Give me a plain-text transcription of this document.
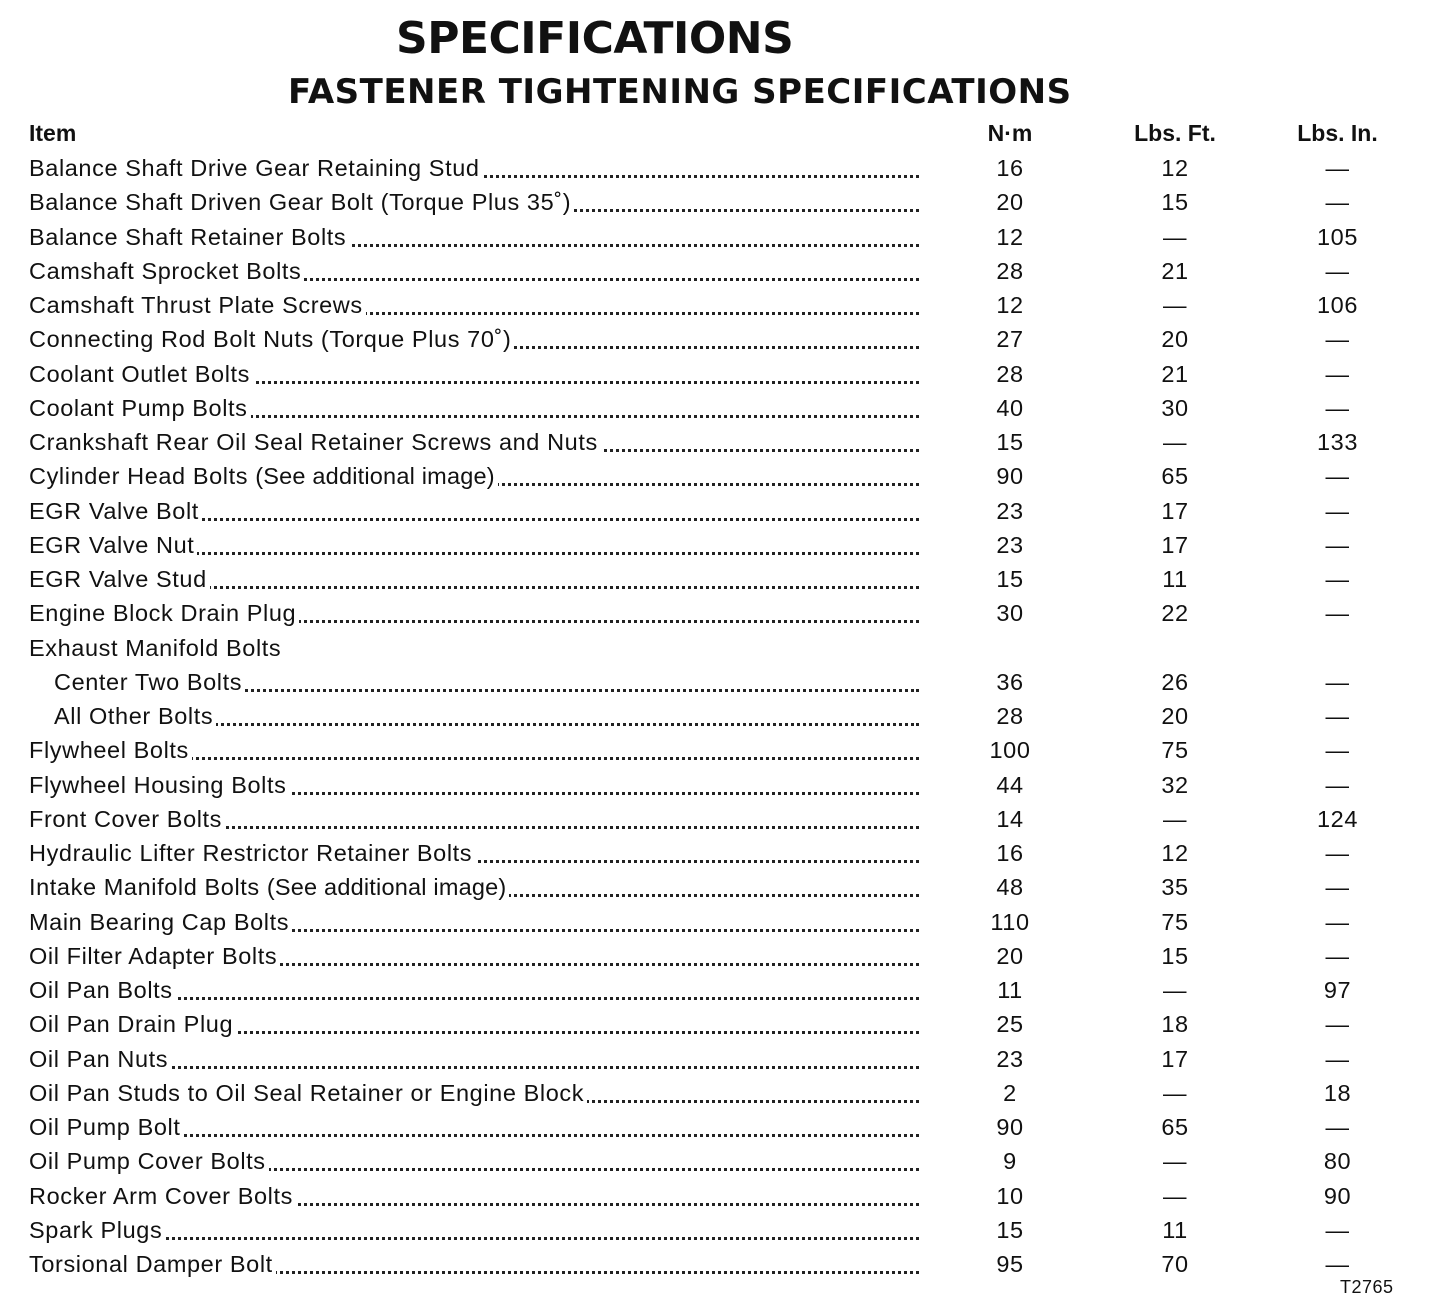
SPECIFICATIONS
FASTENER TIGHTENING SPECIFICATIONS
Item	N·m	Lbs. Ft.	Lbs. In.
Balance Shaft Drive Gear Retaining Stud	16	12	—
Balance Shaft Driven Gear Bolt (Torque Plus 35˚)	20	15	—
Balance Shaft Retainer Bolts	12	—	105
Camshaft Sprocket Bolts	28	21	—
Camshaft Thrust Plate Screws	12	—	106
Connecting Rod Bolt Nuts (Torque Plus 70˚)	27	20	—
Coolant Outlet Bolts	28	21	—
Coolant Pump Bolts	40	30	—
Crankshaft Rear Oil Seal Retainer Screws and Nuts	15	—	133
Cylinder Head Bolts (See additional image)	90	65	—
EGR Valve Bolt	23	17	—
EGR Valve Nut	23	17	—
EGR Valve Stud	15	11	—
Engine Block Drain Plug	30	22	—
Exhaust Manifold Bolts
Center Two Bolts	36	26	—
All Other Bolts	28	20	—
Flywheel Bolts	100	75	—
Flywheel Housing Bolts	44	32	—
Front Cover Bolts	14	—	124
Hydraulic Lifter Restrictor Retainer Bolts	16	12	—
Intake Manifold Bolts (See additional image)	48	35	—
Main Bearing Cap Bolts	110	75	—
Oil Filter Adapter Bolts	20	15	—
Oil Pan Bolts	11	—	97
Oil Pan Drain Plug	25	18	—
Oil Pan Nuts	23	17	—
Oil Pan Studs to Oil Seal Retainer or Engine Block	2	—	18
Oil Pump Bolt	90	65	—
Oil Pump Cover Bolts	9	—	80
Rocker Arm Cover Bolts	10	—	90
Spark Plugs	15	11	—
Torsional Damper Bolt	95	70	—
T2765
